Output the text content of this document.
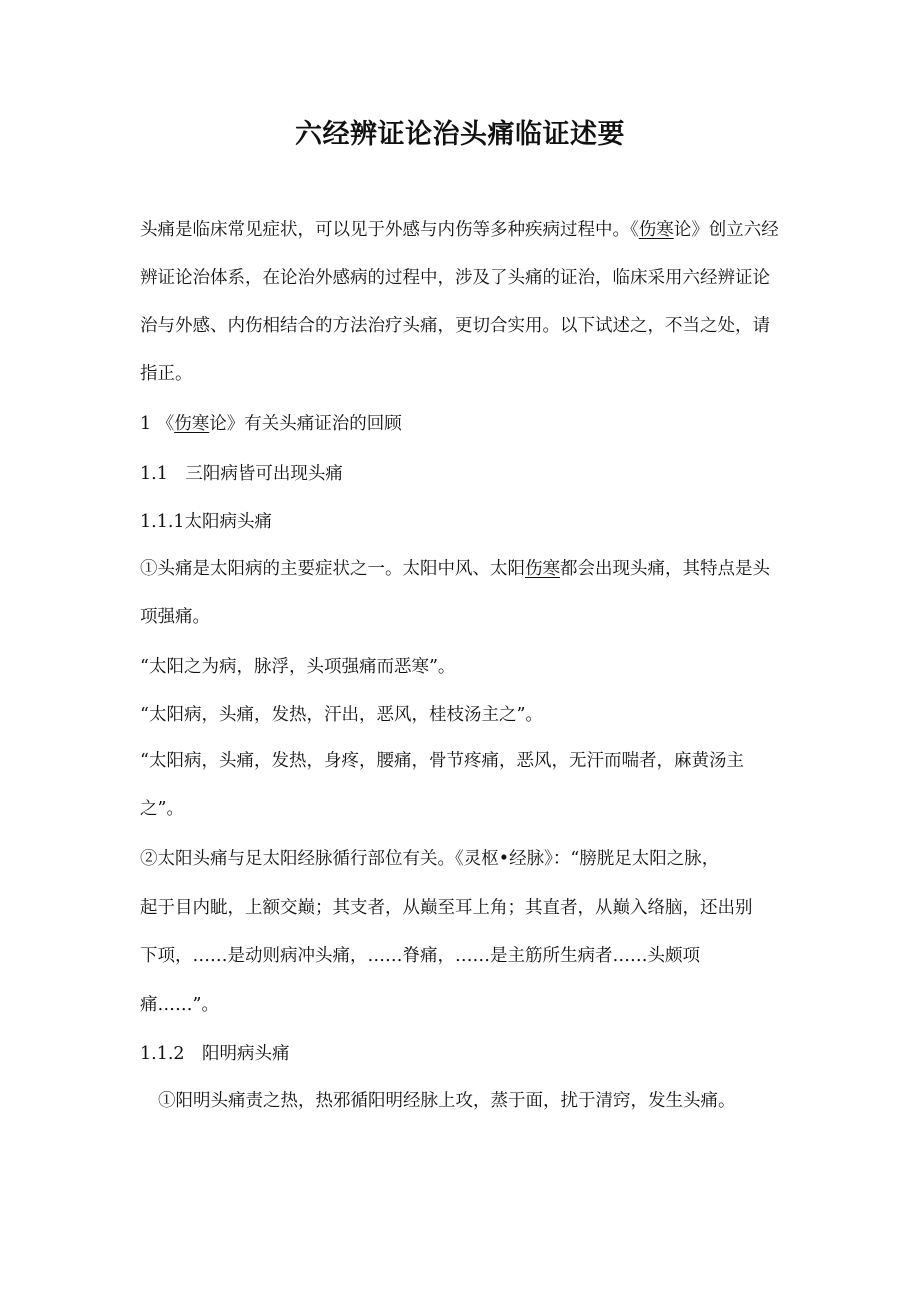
六经辨证论治头痛临证述要

头痛是临床常见症状，可以见于外感与内伤等多种疾病过程中。《伤寒论》创立六经辨证论治体系，在论治外感病的过程中，涉及了头痛的证治，临床采用六经辨证论治与外感、内伤相结合的方法治疗头痛，更切合实用。以下试述之，不当之处，请指正。

1 《伤寒论》有关头痛证治的回顾

1.1　三阳病皆可出现头痛

1.1.1太阳病头痛

①头痛是太阳病的主要症状之一。太阳中风、太阳伤寒都会出现头痛，其特点是头项强痛。

“太阳之为病，脉浮，头项强痛而恶寒”。

“太阳病，头痛，发热，汗出，恶风，桂枝汤主之”。

“太阳病，头痛，发热，身疼，腰痛，骨节疼痛，恶风，无汗而喘者，麻黄汤主之”。

②太阳头痛与足太阳经脉循行部位有关。《灵枢•经脉》：“膀胱足太阳之脉，

起于目内眦，上额交巅；其支者，从巅至耳上角；其直者，从巅入络脑，还出别

下项，……是动则病冲头痛，……脊痛，……是主筋所生病者……头颇项

痛……”。

1.1.2　阳明病头痛

①阳明头痛责之热，热邪循阳明经脉上攻，蒸于面，扰于清窍，发生头痛。
